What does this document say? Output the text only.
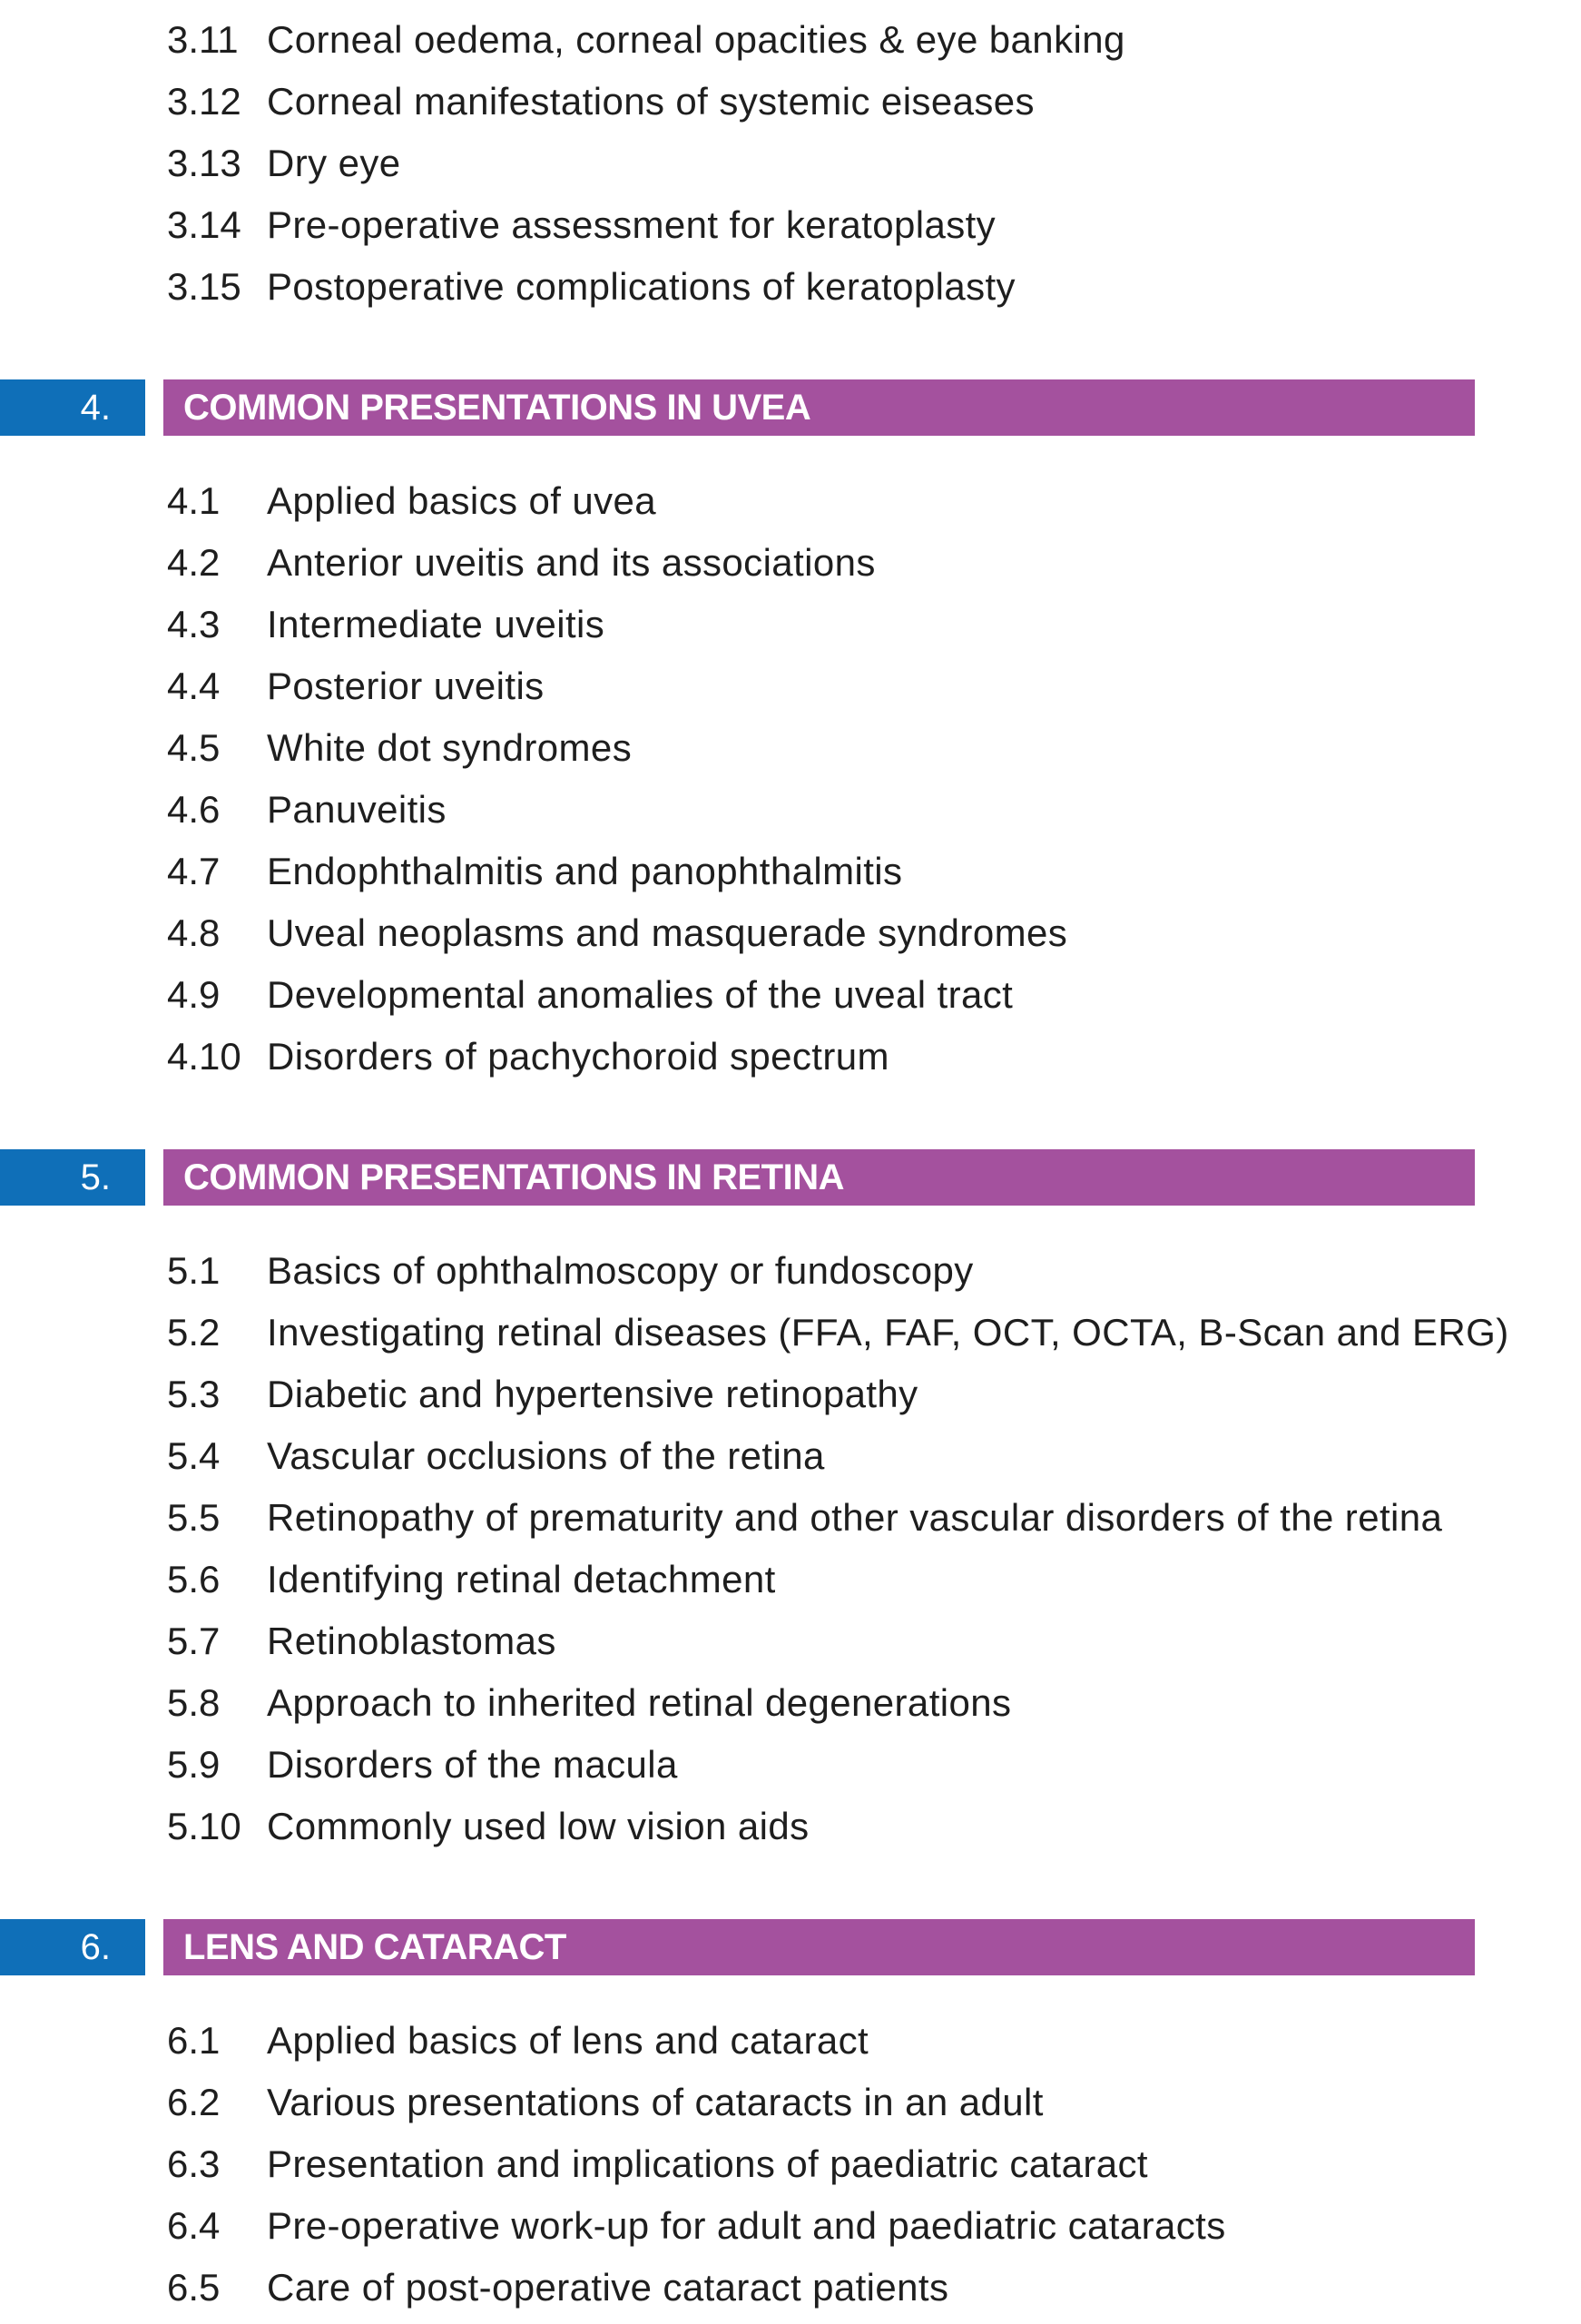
3.11 Corneal oedema, corneal opacities & eye banking
3.12 Corneal manifestations of systemic eiseases
3.13 Dry eye
3.14 Pre-operative assessment for keratoplasty
3.15 Postoperative complications of keratoplasty
4.	COMMON PRESENTATIONS IN UVEA
4.1 Applied basics of uvea
4.2 Anterior uveitis and its associations
4.3 Intermediate uveitis
4.4 Posterior uveitis
4.5 White dot syndromes
4.6 Panuveitis
4.7 Endophthalmitis and panophthalmitis
4.8 Uveal neoplasms and masquerade syndromes
4.9 Developmental anomalies of the uveal tract
4.10 Disorders of pachychoroid spectrum
5.	COMMON PRESENTATIONS IN RETINA
5.1 Basics of ophthalmoscopy or fundoscopy
5.2 Investigating retinal diseases (FFA, FAF, OCT, OCTA, B-Scan and ERG)
5.3 Diabetic and hypertensive retinopathy
5.4 Vascular occlusions of the retina
5.5 Retinopathy of prematurity and other vascular disorders of the retina
5.6 Identifying retinal detachment
5.7 Retinoblastomas
5.8 Approach to inherited retinal degenerations
5.9 Disorders of the macula
5.10 Commonly used low vision aids
6.	LENS AND CATARACT
6.1 Applied basics of lens and cataract
6.2 Various presentations of cataracts in an adult
6.3 Presentation and implications of paediatric cataract
6.4 Pre-operative work-up for adult and paediatric cataracts
6.5 Care of post-operative cataract patients
